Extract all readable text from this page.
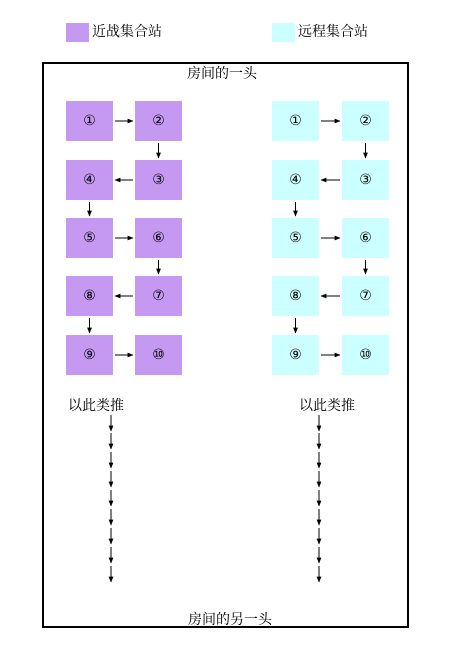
近战集合站	远程集合站
房间的一头
房间的另一头
①	②
③
④
⑤	⑥
⑦
⑧
⑨	⑩
①	②
③
④
⑤	⑥
⑦
⑧
⑨	⑩
以此类推	以此类推
